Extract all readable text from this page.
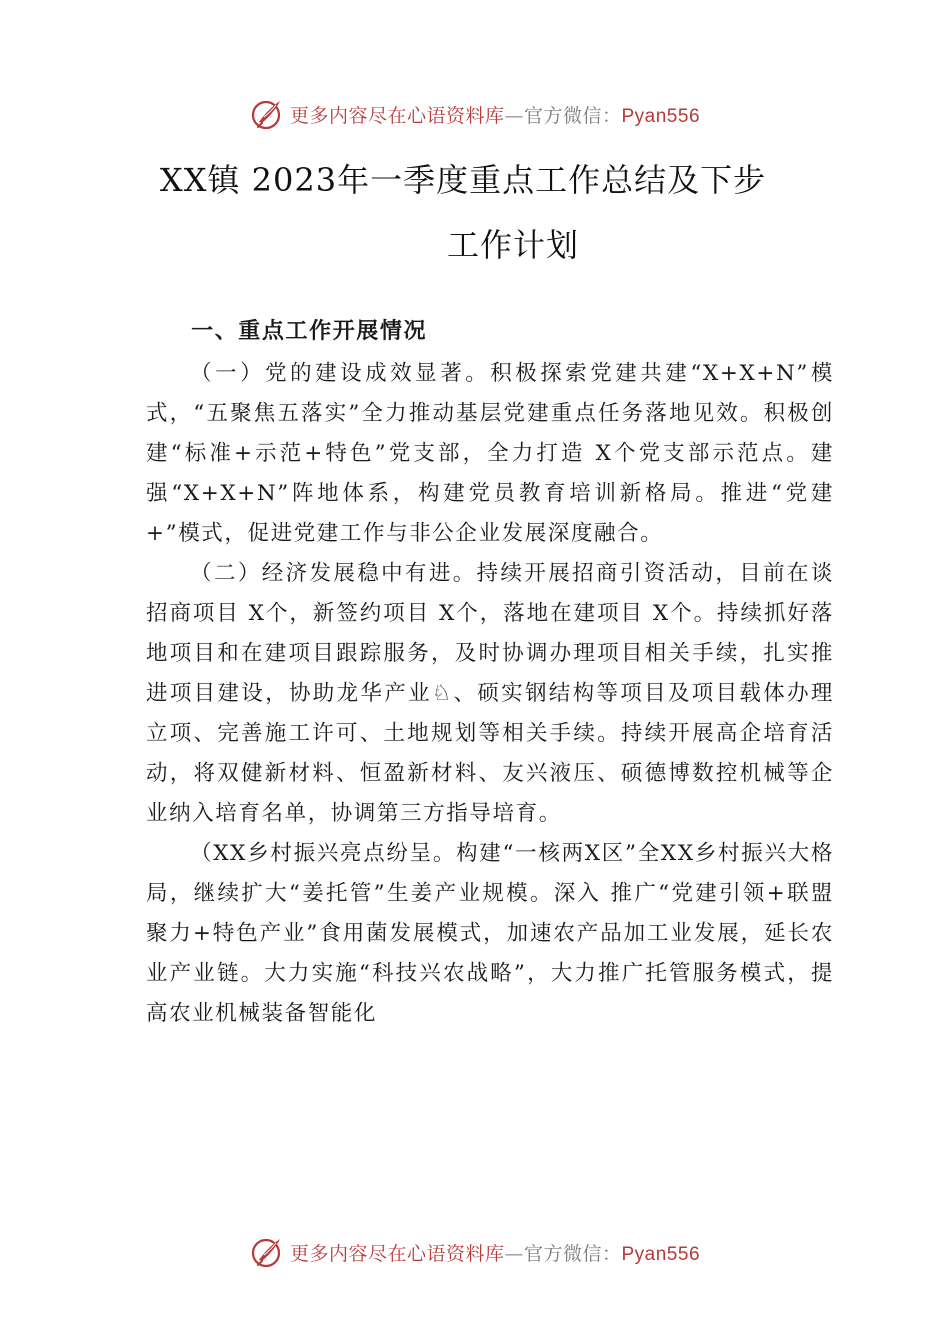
更多内容尽在心语资料库—官方微信：Pyan556
XX镇 2023年一季度重点工作总结及下步
工作计划

一、重点工作开展情况

（一）党的建设成效显著。积极探索党建共建“X+X+N”模式，“五聚焦五落实”全力推动基层党建重点任务落地见效。积极创建“标准+示范+特色”党支部，全力打造 X个党支部示范点。建强“X+X+N”阵地体系，构建党员教育培训新格局。推进“党建+”模式，促进党建工作与非公企业发展深度融合。

（二）经济发展稳中有进。持续开展招商引资活动，目前在谈招商项目 X个，新签约项目 X个，落地在建项目 X个。持续抓好落地项目和在建项目跟踪服务，及时协调办理项目相关手续，扎实推进项目建设，协助龙华产业♘、硕实钢结构等项目及项目载体办理立项、完善施工许可、土地规划等相关手续。持续开展高企培育活动，将双健新材料、恒盈新材料、友兴液压、硕德博数控机械等企业纳入培育名单，协调第三方指导培育。

（XX乡村振兴亮点纷呈。构建“一核两X区”全XX乡村振兴大格局，继续扩大“姜托管”生姜产业规模。深入 推广“党建引领+联盟聚力+特色产业”食用菌发展模式，加速农产品加工业发展，延长农业产业链。大力实施“科技兴农战略”，大力推广托管服务模式，提高农业机械装备智能化

更多内容尽在心语资料库—官方微信：Pyan556
